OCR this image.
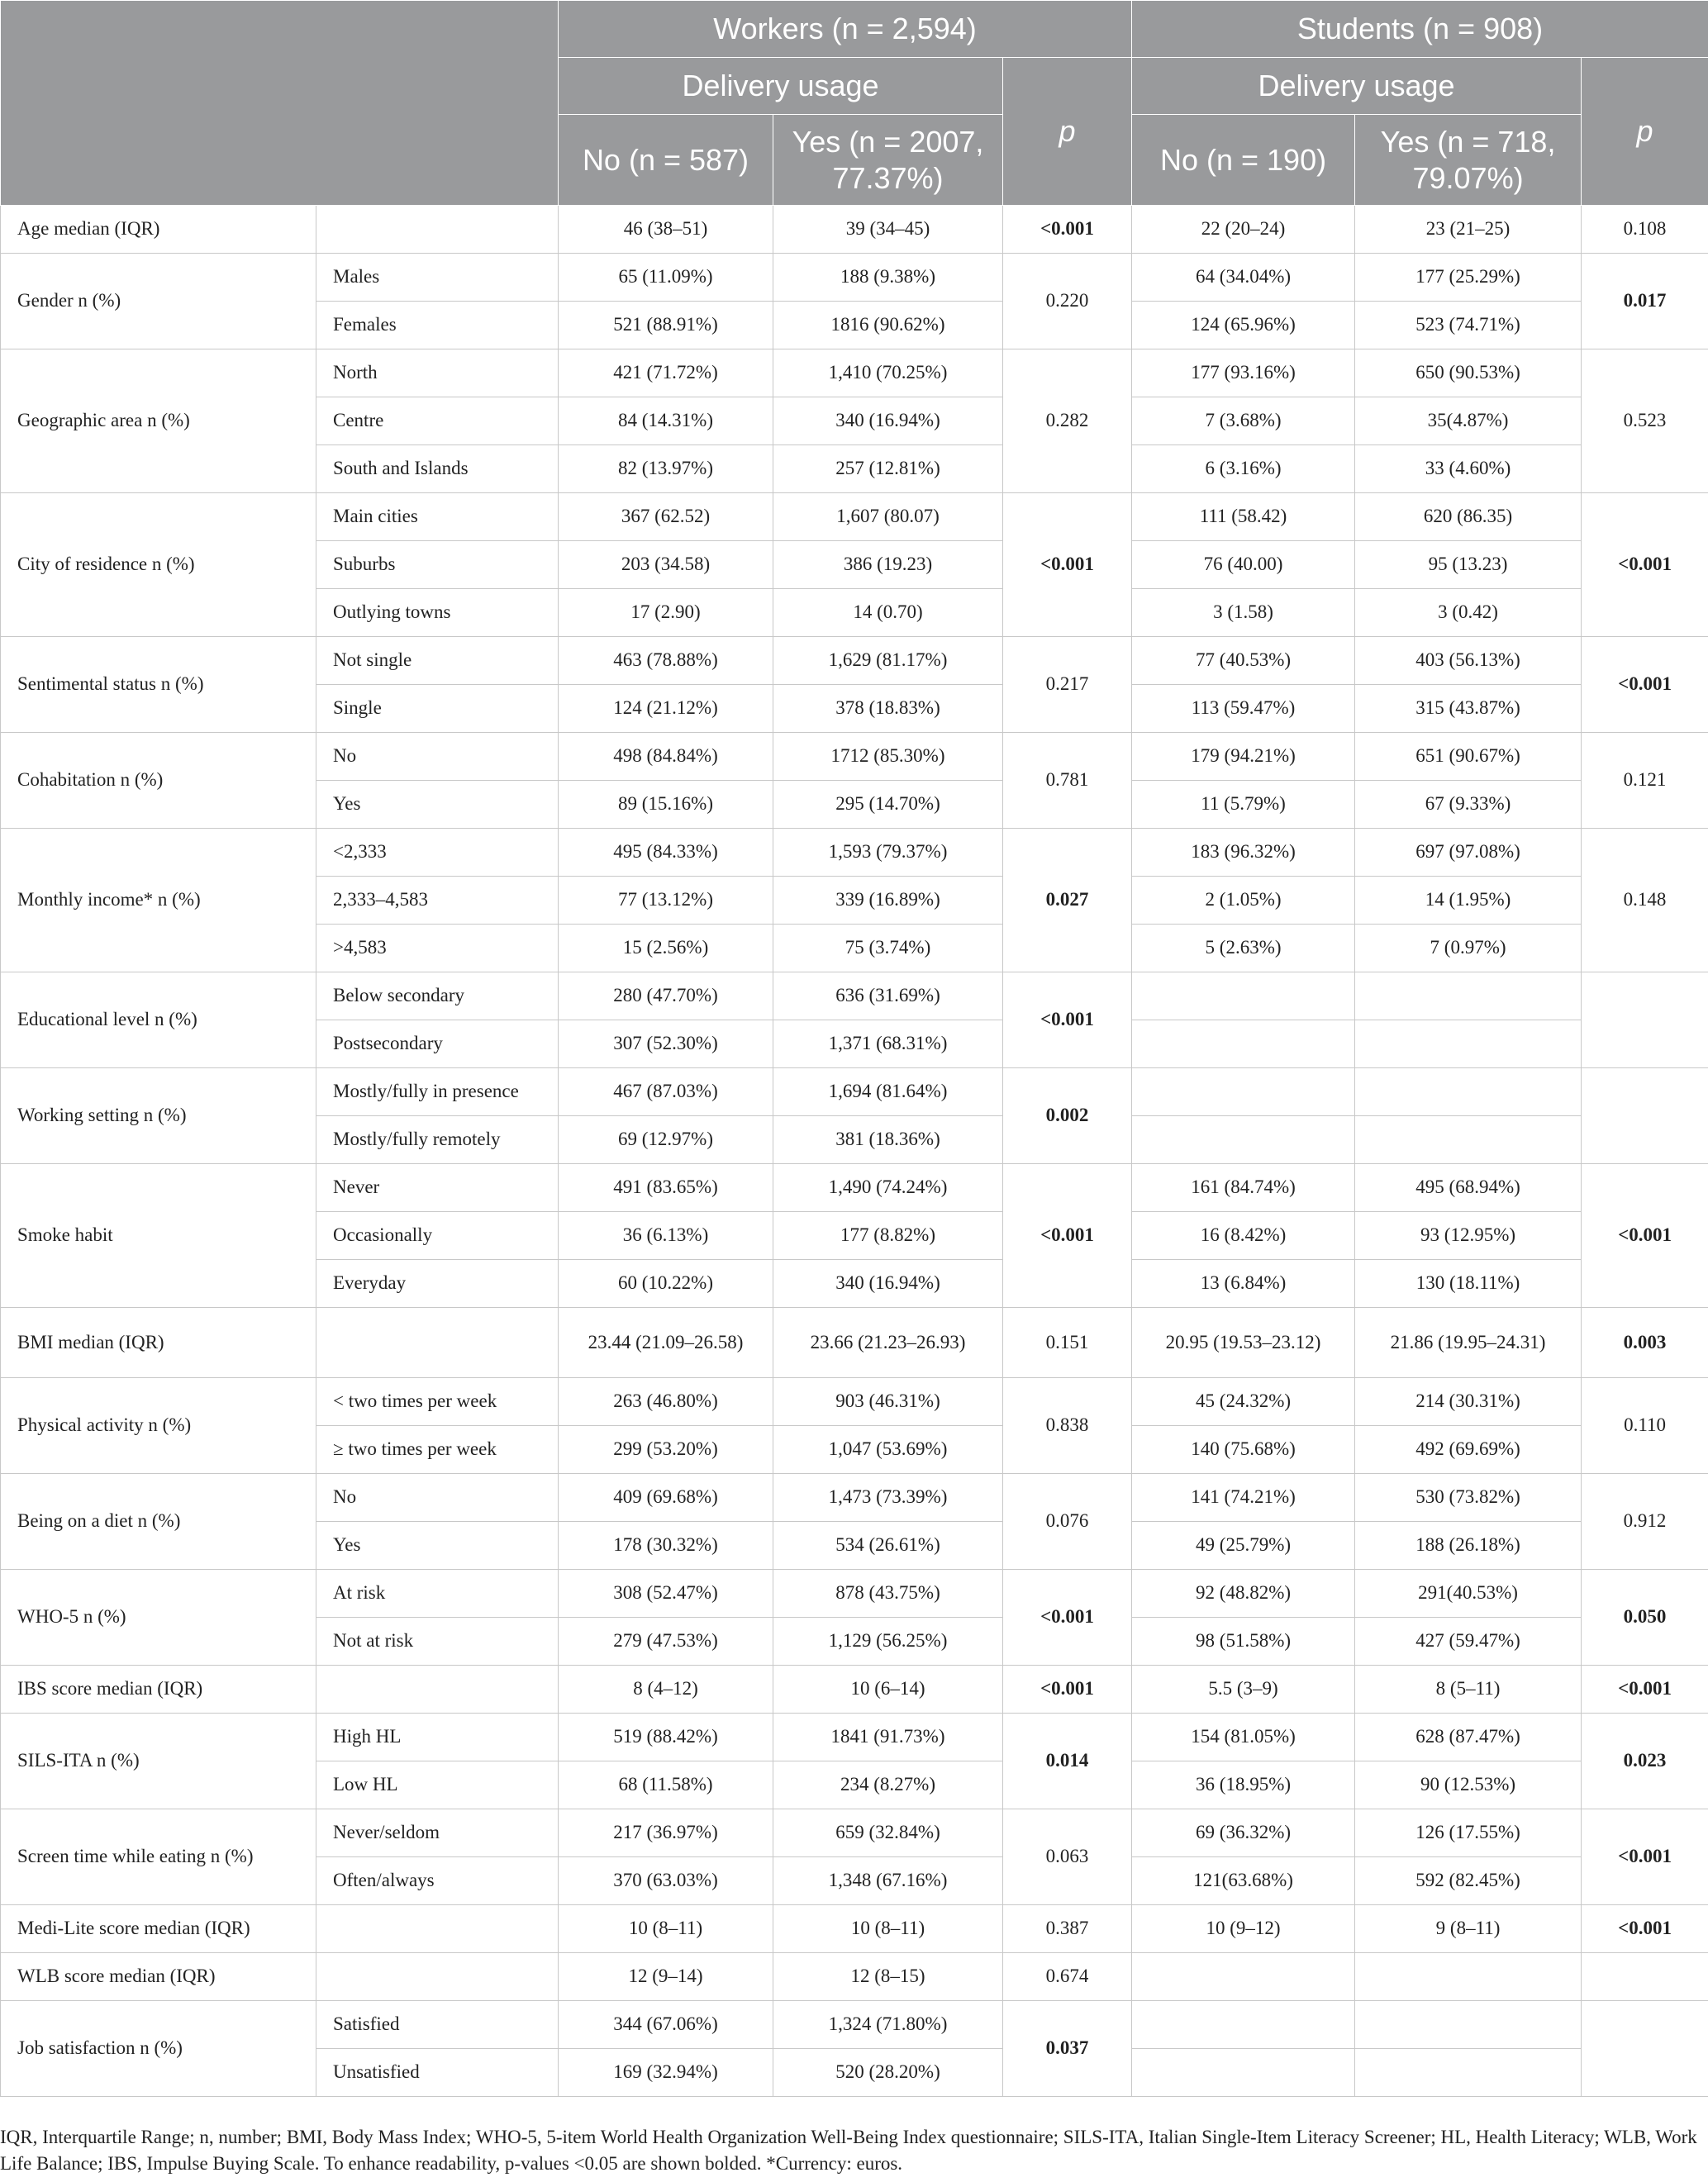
		Workers (n = 2,594)			Students (n = 908)		
		Delivery usage		p	Delivery usage		p
		No (n = 587)	Yes (n = 2007, 77.37%)		No (n = 190)	Yes (n = 718, 79.07%)	
Age median (IQR)		46 (38–51)	39 (34–45)	<0.001	22 (20–24)	23 (21–25)	0.108
Gender n (%)	Males	65 (11.09%)	188 (9.38%)	0.220	64 (34.04%)	177 (25.29%)	0.017
	Females	521 (88.91%)	1816 (90.62%)		124 (65.96%)	523 (74.71%)	
Geographic area n (%)	North	421 (71.72%)	1,410 (70.25%)	0.282	177 (93.16%)	650 (90.53%)	0.523
	Centre	84 (14.31%)	340 (16.94%)		7 (3.68%)	35(4.87%)	
	South and Islands	82 (13.97%)	257 (12.81%)		6 (3.16%)	33 (4.60%)	
City of residence n (%)	Main cities	367 (62.52)	1,607 (80.07)	<0.001	111 (58.42)	620 (86.35)	<0.001
	Suburbs	203 (34.58)	386 (19.23)		76 (40.00)	95 (13.23)	
	Outlying towns	17 (2.90)	14 (0.70)		3 (1.58)	3 (0.42)	
Sentimental status n (%)	Not single	463 (78.88%)	1,629 (81.17%)	0.217	77 (40.53%)	403 (56.13%)	<0.001
	Single	124 (21.12%)	378 (18.83%)		113 (59.47%)	315 (43.87%)	
Cohabitation n (%)	No	498 (84.84%)	1712 (85.30%)	0.781	179 (94.21%)	651 (90.67%)	0.121
	Yes	89 (15.16%)	295 (14.70%)		11 (5.79%)	67 (9.33%)	
Monthly income* n (%)	<2,333	495 (84.33%)	1,593 (79.37%)	0.027	183 (96.32%)	697 (97.08%)	0.148
	2,333–4,583	77 (13.12%)	339 (16.89%)		2 (1.05%)	14 (1.95%)	
	>4,583	15 (2.56%)	75 (3.74%)		5 (2.63%)	7 (0.97%)	
Educational level n (%)	Below secondary	280 (47.70%)	636 (31.69%)	<0.001			
	Postsecondary	307 (52.30%)	1,371 (68.31%)				
Working setting n (%)	Mostly/fully in presence	467 (87.03%)	1,694 (81.64%)	0.002			
	Mostly/fully remotely	69 (12.97%)	381 (18.36%)				
Smoke habit	Never	491 (83.65%)	1,490 (74.24%)	<0.001	161 (84.74%)	495 (68.94%)	<0.001
	Occasionally	36 (6.13%)	177 (8.82%)		16 (8.42%)	93 (12.95%)	
	Everyday	60 (10.22%)	340 (16.94%)		13 (6.84%)	130 (18.11%)	
BMI median (IQR)		23.44 (21.09–26.58)	23.66 (21.23–26.93)	0.151	20.95 (19.53–23.12)	21.86 (19.95–24.31)	0.003
Physical activity n (%)	< two times per week	263 (46.80%)	903 (46.31%)	0.838	45 (24.32%)	214 (30.31%)	0.110
	≥ two times per week	299 (53.20%)	1,047 (53.69%)		140 (75.68%)	492 (69.69%)	
Being on a diet n (%)	No	409 (69.68%)	1,473 (73.39%)	0.076	141 (74.21%)	530 (73.82%)	0.912
	Yes	178 (30.32%)	534 (26.61%)		49 (25.79%)	188 (26.18%)	
WHO-5 n (%)	At risk	308 (52.47%)	878 (43.75%)	<0.001	92 (48.82%)	291(40.53%)	0.050
	Not at risk	279 (47.53%)	1,129 (56.25%)		98 (51.58%)	427 (59.47%)	
IBS score median (IQR)		8 (4–12)	10 (6–14)	<0.001	5.5 (3–9)	8 (5–11)	<0.001
SILS-ITA n (%)	High HL	519 (88.42%)	1841 (91.73%)	0.014	154 (81.05%)	628 (87.47%)	0.023
	Low HL	68 (11.58%)	234 (8.27%)		36 (18.95%)	90 (12.53%)	
Screen time while eating n (%)	Never/seldom	217 (36.97%)	659 (32.84%)	0.063	69 (36.32%)	126 (17.55%)	<0.001
	Often/always	370 (63.03%)	1,348 (67.16%)		121(63.68%)	592 (82.45%)	
Medi-Lite score median (IQR)		10 (8–11)	10 (8–11)	0.387	10 (9–12)	9 (8–11)	<0.001
WLB score median (IQR)		12 (9–14)	12 (8–15)	0.674			
Job satisfaction n (%)	Satisfied	344 (67.06%)	1,324 (71.80%)	0.037			
	Unsatisfied	169 (32.94%)	520 (28.20%)				

IQR, Interquartile Range; n, number; BMI, Body Mass Index; WHO-5, 5-item World Health Organization Well-Being Index questionnaire; SILS-ITA, Italian Single-Item Literacy Screener; HL, Health Literacy; WLB, Work Life Balance; IBS, Impulse Buying Scale. To enhance readability, p-values <0.05 are shown bolded. *Currency: euros.
